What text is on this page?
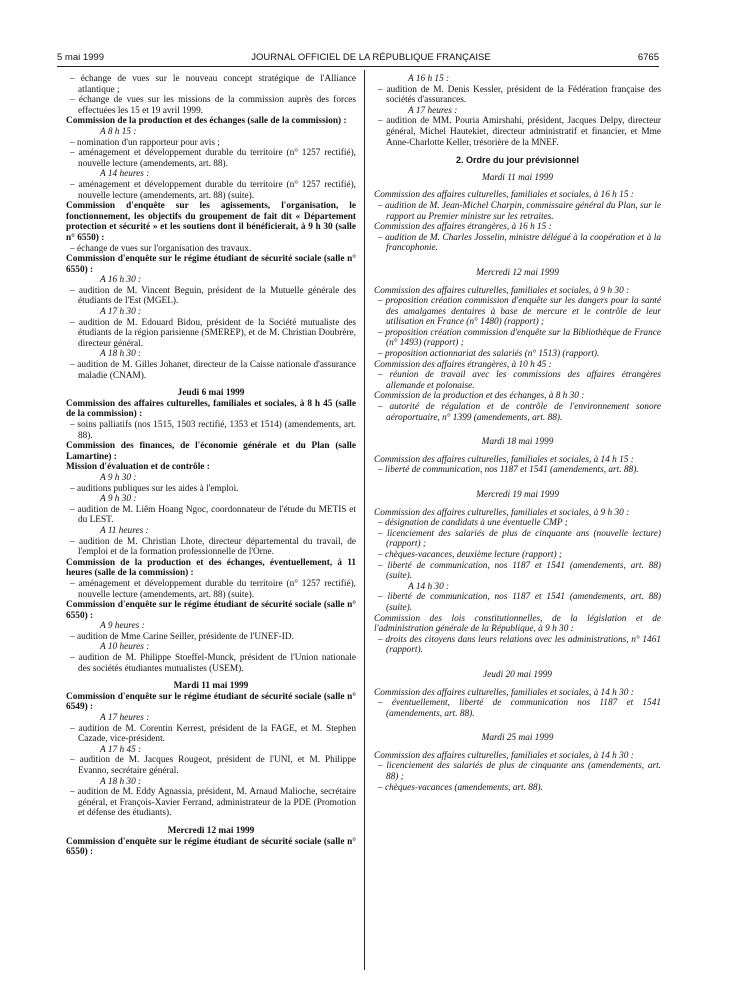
5 mai 1999	JOURNAL OFFICIEL DE LA RÉPUBLIQUE FRANÇAISE	6765
– échange de vues sur le nouveau concept stratégique de l'Alliance atlantique ;
– échange de vues sur les missions de la commission auprès des forces effectuées les 15 et 19 avril 1999.
Commission de la production et des échanges (salle de la commission) :
A 8 h 15 :
– nomination d'un rapporteur pour avis ;
– aménagement et développement durable du territoire (n° 1257 rectifié), nouvelle lecture (amendements, art. 88).
A 14 heures :
– aménagement et développement durable du territoire (n° 1257 rectifié), nouvelle lecture (amendements, art. 88) (suite).
Commission d'enquête sur les agissements, l'organisation, le fonctionnement, les objectifs du groupement de fait dit « Département protection et sécurité » et les soutiens dont il bénéficierait, à 9 h 30 (salle n° 6550) :
– échange de vues sur l'organisation des travaux.
Commission d'enquête sur le régime étudiant de sécurité sociale (salle n° 6550) :
A 16 h 30 :
– audition de M. Vincent Beguin, président de la Mutuelle générale des étudiants de l'Est (MGEL).
A 17 h 30 :
– audition de M. Edouard Bidou, président de la Société mutualiste des étudiants de la région parisienne (SMEREP), et de M. Christian Doubrère, directeur général.
A 18 h 30 :
– audition de M. Gilles Johanet, directeur de la Caisse nationale d'assurance maladie (CNAM).
Jeudi 6 mai 1999
Commission des affaires culturelles, familiales et sociales, à 8 h 45 (salle de la commission) :
– soins palliatifs (nos 1515, 1503 rectifié, 1353 et 1514) (amendements, art. 88).
Commission des finances, de l'économie générale et du Plan (salle Lamartine) :
Mission d'évaluation et de contrôle :
A 9 h 30 :
– auditions publiques sur les aides à l'emploi.
A 9 h 30 :
– audition de M. Liêm Hoang Ngoc, coordonnateur de l'étude du METIS et du LEST.
A 11 heures :
– audition de M. Christian Lhote, directeur départemental du travail, de l'emploi et de la formation professionnelle de l'Orne.
Commission de la production et des échanges, éventuellement, à 11 heures (salle de la commission) :
– aménagement et développement durable du territoire (n° 1257 rectifié), nouvelle lecture (amendements, art. 88) (suite).
Commission d'enquête sur le régime étudiant de sécurité sociale (salle n° 6550) :
A 9 heures :
– audition de Mme Carine Seiller, présidente de l'UNEF-ID.
A 10 heures :
– audition de M. Philippe Stoeffel-Munck, président de l'Union nationale des sociétés étudiantes mutualistes (USEM).
Mardi 11 mai 1999
Commission d'enquête sur le régime étudiant de sécurité sociale (salle n° 6549) :
A 17 heures :
– audition de M. Corentin Kerrest, président de la FAGE, et M. Stephen Cazade, vice-président.
A 17 h 45 :
– audition de M. Jacques Rougeot, président de l'UNI, et M. Philippe Evanno, secrétaire général.
A 18 h 30 :
– audition de M. Eddy Agnassia, président, M. Arnaud Malioche, secrétaire général, et François-Xavier Ferrand, administrateur de la PDE (Promotion et défense des étudiants).
Mercredi 12 mai 1999
Commission d'enquête sur le régime étudiant de sécurité sociale (salle n° 6550) :
A 16 h 15 :
– audition de M. Denis Kessler, président de la Fédération française des sociétés d'assurances.
A 17 heures :
– audition de MM. Pouria Amirshahi, président, Jacques Delpy, directeur général, Michel Hautekiet, directeur administratif et financier, et Mme Anne-Charlotte Keller, trésorière de la MNEF.
2. Ordre du jour prévisionnel
Mardi 11 mai 1999
Commission des affaires culturelles, familiales et sociales, à 16 h 15 :
– audition de M. Jean-Michel Charpin, commissaire général du Plan, sur le rapport au Premier ministre sur les retraites.
Commission des affaires étrangères, à 16 h 15 :
– audition de M. Charles Josselin, ministre délégué à la coopération et à la francophonie.
Mercredi 12 mai 1999
Commission des affaires culturelles, familiales et sociales, à 9 h 30 :
– proposition création commission d'enquête sur les dangers pour la santé des amalgames dentaires à base de mercure et le contrôle de leur utilisation en France (n° 1480) (rapport) ;
– proposition création commission d'enquête sur la Bibliothèque de France (n° 1493) (rapport) ;
– proposition actionnariat des salariés (n° 1513) (rapport).
Commission des affaires étrangères, à 10 h 45 :
– réunion de travail avec les commissions des affaires étrangères allemande et polonaise.
Commission de la production et des échanges, à 8 h 30 :
– autorité de régulation et de contrôle de l'environnement sonore aéroportuaire, n° 1399 (amendements, art. 88).
Mardi 18 mai 1999
Commission des affaires culturelles, familiales et sociales, à 14 h 15 :
– liberté de communication, nos 1187 et 1541 (amendements, art. 88).
Mercredi 19 mai 1999
Commission des affaires culturelles, familiales et sociales, à 9 h 30 :
– désignation de candidats à une éventuelle CMP ;
– licenciement des salariés de plus de cinquante ans (nouvelle lecture) (rapport) ;
– chèques-vacances, deuxième lecture (rapport) ;
– liberté de communication, nos 1187 et 1541 (amendements, art. 88) (suite).
A 14 h 30 :
– liberté de communication, nos 1187 et 1541 (amendements, art. 88) (suite).
Commission des lois constitutionnelles, de la législation et de l'administration générale de la République, à 9 h 30 :
– droits des citoyens dans leurs relations avec les administrations, n° 1461 (rapport).
Jeudi 20 mai 1999
Commission des affaires culturelles, familiales et sociales, à 14 h 30 :
– éventuellement, liberté de communication nos 1187 et 1541 (amendements, art. 88).
Mardi 25 mai 1999
Commission des affaires culturelles, familiales et sociales, à 14 h 30 :
– licenciement des salariés de plus de cinquante ans (amendements, art. 88) ;
– chèques-vacances (amendements, art. 88).
